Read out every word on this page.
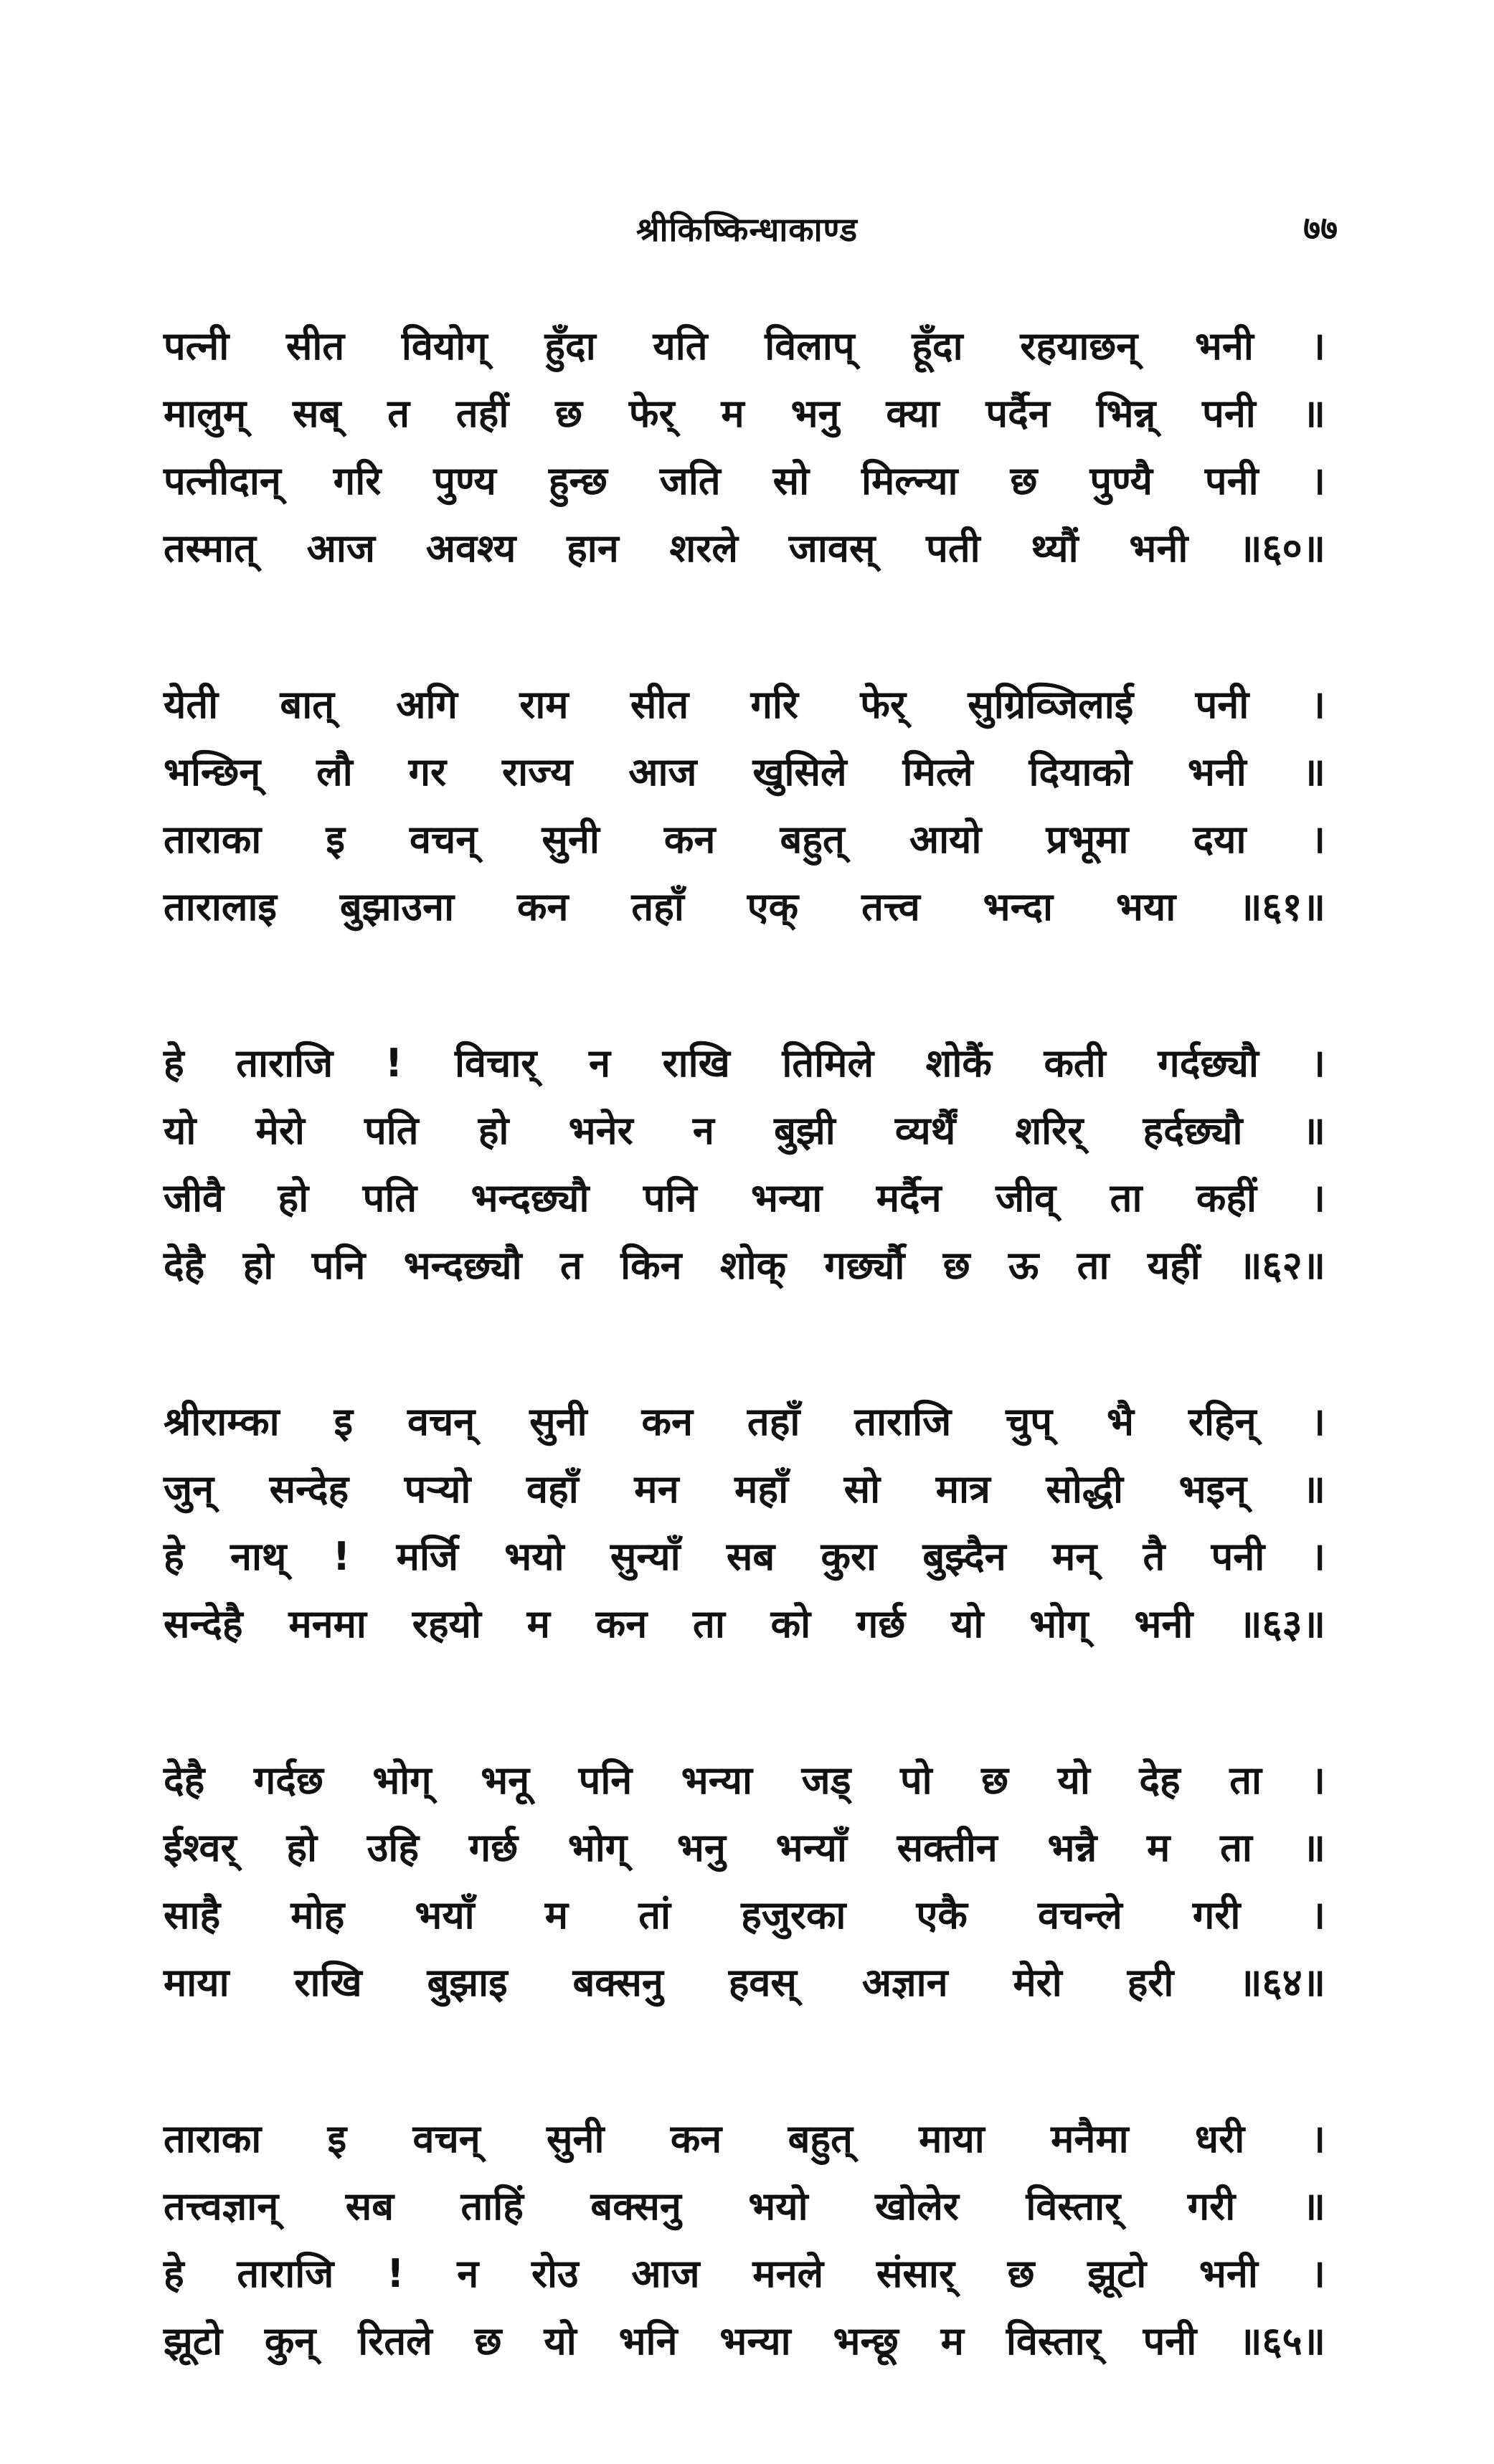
श्रीकिष्किन्धाकाण्ड	७७
पत्नी सीत वियोग् हुँदा यति विलाप् हूँदा रहयाछन् भनी ।
मालुम् सब् त तहीं छ फेर् म भनु क्या पर्दैन भिन्न् पनी ॥
पत्नीदान् गरि पुण्य हुन्छ जति सो मिल्न्या छ पुण्यै पनी ।
तस्मात् आज अवश्य हान शरले जावस् पती थ्यौं भनी ॥६०॥
येती बात् अगि राम सीत गरि फेर् सुग्रिव्जिलाई पनी ।
भन्छिन् लौ गर राज्य आज खुसिले मित्ले दियाको भनी ॥
ताराका इ वचन् सुनी कन बहुत् आयो प्रभूमा दया ।
तारालाइ बुझाउना कन तहाँ एक् तत्त्व भन्दा भया ॥६१॥
हे ताराजि ! विचार् न राखि तिमिले शोकैं कती गर्दछ्यौ ।
यो मेरो पति हो भनेर न बुझी व्यर्थैं शरिर् हर्दछ्यौ ॥
जीवै हो पति भन्दछ्यौ पनि भन्या मर्दैन जीव् ता कहीं ।
देहै हो पनि भन्दछ्यौ त किन शोक् गर्छ्यौ छ ऊ ता यहीं ॥६२॥
श्रीराम्का इ वचन् सुनी कन तहाँ ताराजि चुप् भै रहिन् ।
जुन् सन्देह पऱ्यो वहाँ मन महाँ सो मात्र सोद्धी भइन् ॥
हे नाथ् ! मर्जि भयो सुन्याँ सब कुरा बुझ्दैन मन् तै पनी ।
सन्देहै मनमा रहयो म कन ता को गर्छ यो भोग् भनी ॥६३॥
देहै गर्दछ भोग् भनू पनि भन्या जड् पो छ यो देह ता ।
ईश्वर् हो उहि गर्छ भोग् भनु भन्याँ सक्तीन भन्नै म ता ॥
साहै मोह भयाँ म तां हजुरका एकै वचन्ले गरी ।
माया राखि बुझाइ बक्सनु हवस् अज्ञान मेरो हरी ॥६४॥
ताराका इ वचन् सुनी कन बहुत् माया मनैमा धरी ।
तत्त्वज्ञान् सब ताहिं बक्सनु भयो खोलेर विस्तार् गरी ॥
हे ताराजि ! न रोउ आज मनले संसार् छ झूटो भनी ।
झूटो कुन् रितले छ यो भनि भन्या भन्छू म विस्तार् पनी ॥६५॥
